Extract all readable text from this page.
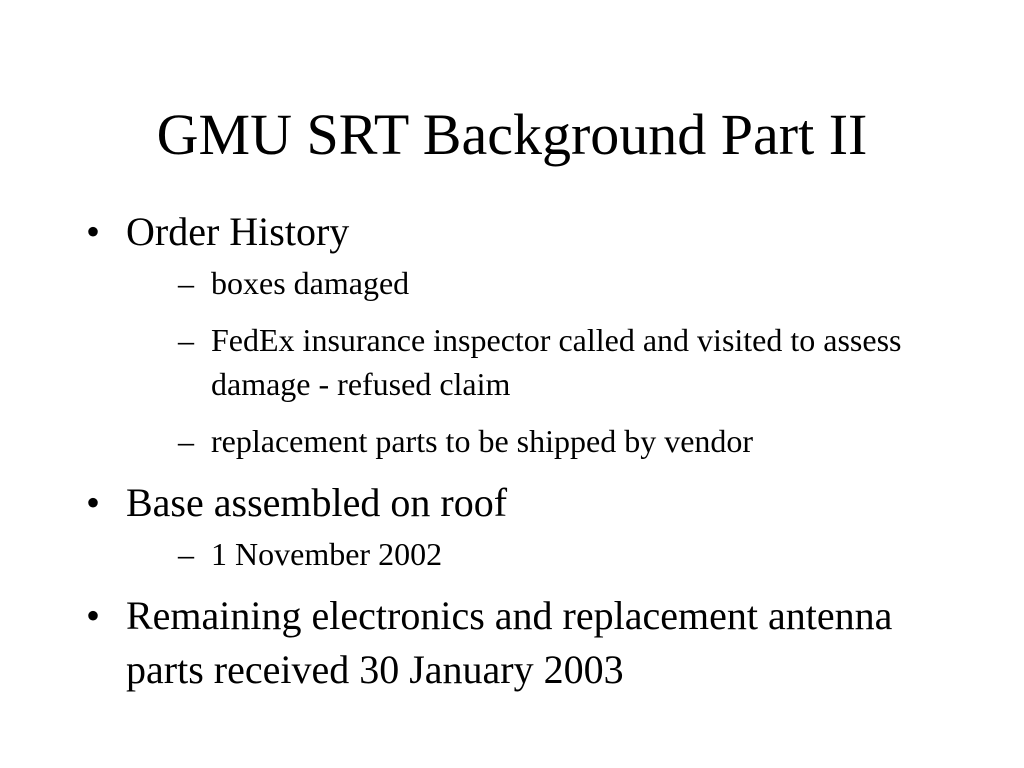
GMU SRT Background Part II
• Order History
– boxes damaged
– FedEx insurance inspector called and visited to assess damage - refused claim
– replacement parts to be shipped by vendor
• Base assembled on roof
– 1 November 2002
• Remaining electronics and replacement antenna parts received 30 January 2003
